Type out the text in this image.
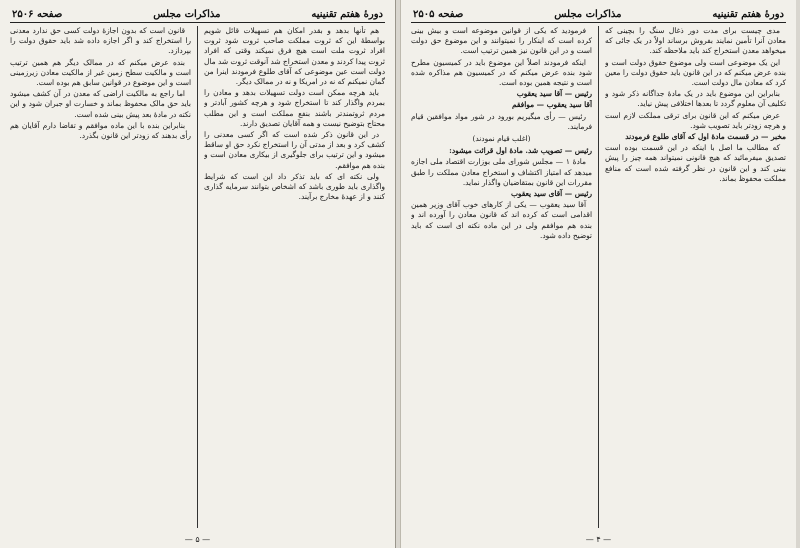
دورهٔ هفتم تقنینیه
مذاکرات مجلس
صفحه ۲۵۰۶

هم تأنها بدهد و بقدر امکان هم تسهیلات قائل شویم بواسطهٔ این که ثروت مملکت صاحب ثروت شود ثروت افراد ثروت ملت است هیچ فرق نمیکند وقتی که افراد ثروت پیدا کردند و معدن استخراج شد آنوقت ثروت شد مال دولت است عین موضوعی که آقای طلوع فرمودند اینرا من گمان نمیکنم که نه در امریکا و نه در ممالک دیگر.

باید هرچه ممکن است دولت تسهیلات بدهد و معادن را بمردم واگذار کند تا استخراج شود و هرچه کشور آبادتر و مردم ثروتمندتر باشند بنفع مملکت است و این مطلب محتاج بتوضیح نیست و همه آقایان تصدیق دارند.

در این قانون ذکر شده است که اگر کسی معدنی را کشف کرد و بعد از مدتی آن را استخراج نکرد حق او ساقط میشود و این ترتیب برای جلوگیری از بیکاری معادن است و بنده هم موافقم.

ولی نکته ای که باید تذکر داد این است که شرایط واگذاری باید طوری باشد که اشخاص بتوانند سرمایه گذاری کنند و از عهدهٔ مخارج برآیند.

قانون است که بدون اجازهٔ دولت کسی حق ندارد معدنی را استخراج کند و اگر اجازه داده شد باید حقوق دولت را بپردازد.

بنده عرض میکنم که در ممالک دیگر هم همین ترتیب است و مالکیت سطح زمین غیر از مالکیت معادن زیرزمینی است و این موضوع در قوانین سابق هم بوده است.

اما راجع به مالکیت اراضی که معدن در آن کشف میشود باید حق مالک محفوظ بماند و خسارت او جبران شود و این نکته در مادهٔ بعد پیش بینی شده است.

بنابراین بنده با این ماده موافقم و تقاضا دارم آقایان هم رأی بدهند که زودتر این قانون بگذرد.

— ۵ —
دورهٔ هفتم تقنینیه
مذاکرات مجلس
صفحه ۲۵۰۵

مدی چیست برای مدت دور ذغال سنگ را بچینی که معادن آنرا تأمین نمایند بفروش برساند اولاً در یک جائی که میخواهد معدن استخراج کند باید ملاحظه کند.

این یک موضوعی است ولی موضوع حقوق دولت است و بنده عرض میکنم که در این قانون باید حقوق دولت را معین کرد که معادن مال دولت است.

بنابراین این موضوع باید در یک مادهٔ جداگانه ذکر شود و تکلیف آن معلوم گردد تا بعدها اختلافی پیش نیاید.

عرض میکنم که این قانون برای ترقی مملکت لازم است و هرچه زودتر باید تصویب شود.

مخبر — در قسمت مادهٔ اول که آقای طلوع فرمودند

که مطالب ما اصل با اینکه در این قسمت بوده است تصدیق میفرمائید که هیچ قانونی نمیتواند همه چیز را پیش بینی کند و این قانون در نظر گرفته شده است که منافع مملکت محفوظ بماند.

فرمودید که یکی از قوانین موضوعه است و بیش بینی کرده است که اینکار را نمیتوانند و این موضوع حق دولت است و در این قانون نیز همین ترتیب است.

اینکه فرمودند اصلاً این موضوع باید در کمیسیون مطرح شود بنده عرض میکنم که در کمیسیون هم مذاکره شده است و نتیجه همین بوده است.

رئیس — آقا سید یعقوب

آقا سید یعقوب — موافقم

رئیس — رأی میگیریم بورود در شور مواد موافقین قیام فرمایند.

(اغلب قیام نمودند)

رئیس — تصویب شد. مادهٔ اول قرائت میشود:

مادهٔ ۱ — مجلس شورای ملی بوزارت اقتصاد ملی اجازه میدهد که امتیاز اکتشاف و استخراج معادن مملکت را طبق مقررات این قانون بمتقاضیان واگذار نماید.

رئیس — آقای سید یعقوب

آقا سید یعقوب — یکی از کارهای خوب آقای وزیر همین اقدامی است که کرده اند که قانون معادن را آورده اند و بنده هم موافقم ولی در این ماده نکته ای است که باید توضیح داده شود.

— ۴ —
